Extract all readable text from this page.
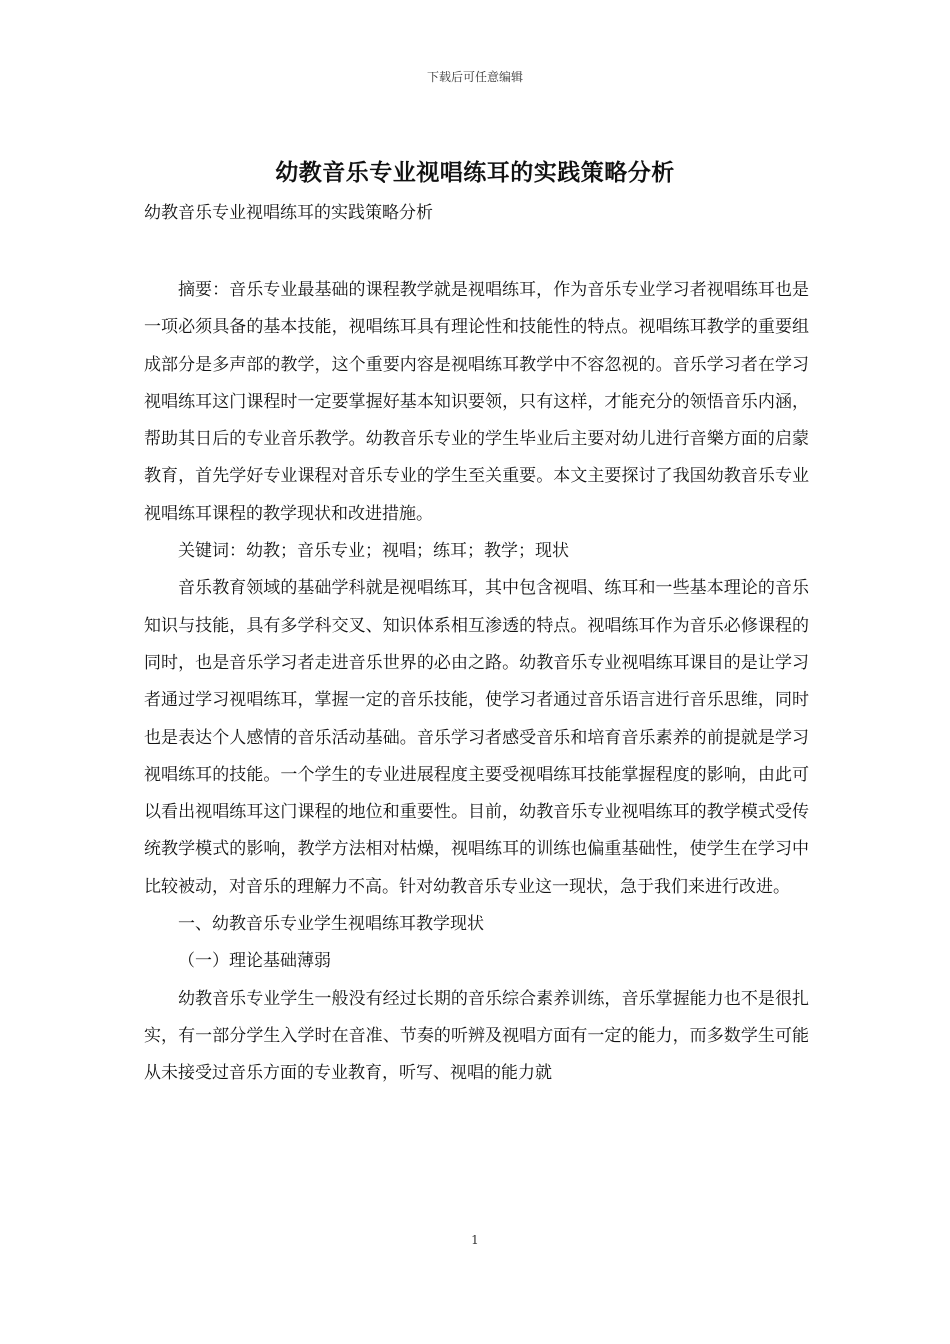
下载后可任意编辑
幼教音乐专业视唱练耳的实践策略分析
幼教音乐专业视唱练耳的实践策略分析

摘要：音乐专业最基础的课程教学就是视唱练耳，作为音乐专业学习者视唱练耳也是一项必须具备的基本技能，视唱练耳具有理论性和技能性的特点。视唱练耳教学的重要组成部分是多声部的教学，这个重要内容是视唱练耳教学中不容忽视的。音乐学习者在学习视唱练耳这门课程时一定要掌握好基本知识要领，只有这样，才能充分的领悟音乐内涵，帮助其日后的专业音乐教学。幼教音乐专业的学生毕业后主要对幼儿进行音樂方面的启蒙教育，首先学好专业课程对音乐专业的学生至关重要。本文主要探讨了我国幼教音乐专业视唱练耳课程的教学现状和改进措施。

关键词：幼教；音乐专业；视唱；练耳；教学；现状

音乐教育领域的基础学科就是视唱练耳，其中包含视唱、练耳和一些基本理论的音乐知识与技能，具有多学科交叉、知识体系相互渗透的特点。视唱练耳作为音乐必修课程的同时，也是音乐学习者走进音乐世界的必由之路。幼教音乐专业视唱练耳课目的是让学习者通过学习视唱练耳，掌握一定的音乐技能，使学习者通过音乐语言进行音乐思维，同时也是表达个人感情的音乐活动基础。音乐学习者感受音乐和培育音乐素养的前提就是学习视唱练耳的技能。一个学生的专业进展程度主要受视唱练耳技能掌握程度的影响，由此可以看出视唱练耳这门课程的地位和重要性。目前，幼教音乐专业视唱练耳的教学模式受传统教学模式的影响，教学方法相对枯燥，视唱练耳的训练也偏重基础性，使学生在学习中比较被动，对音乐的理解力不高。针对幼教音乐专业这一现状，急于我们来进行改进。

一、幼教音乐专业学生视唱练耳教学现状

（一）理论基础薄弱

幼教音乐专业学生一般没有经过长期的音乐综合素养训练，音乐掌握能力也不是很扎实，有一部分学生入学时在音准、节奏的听辨及视唱方面有一定的能力，而多数学生可能从未接受过音乐方面的专业教育，听写、视唱的能力就

1
